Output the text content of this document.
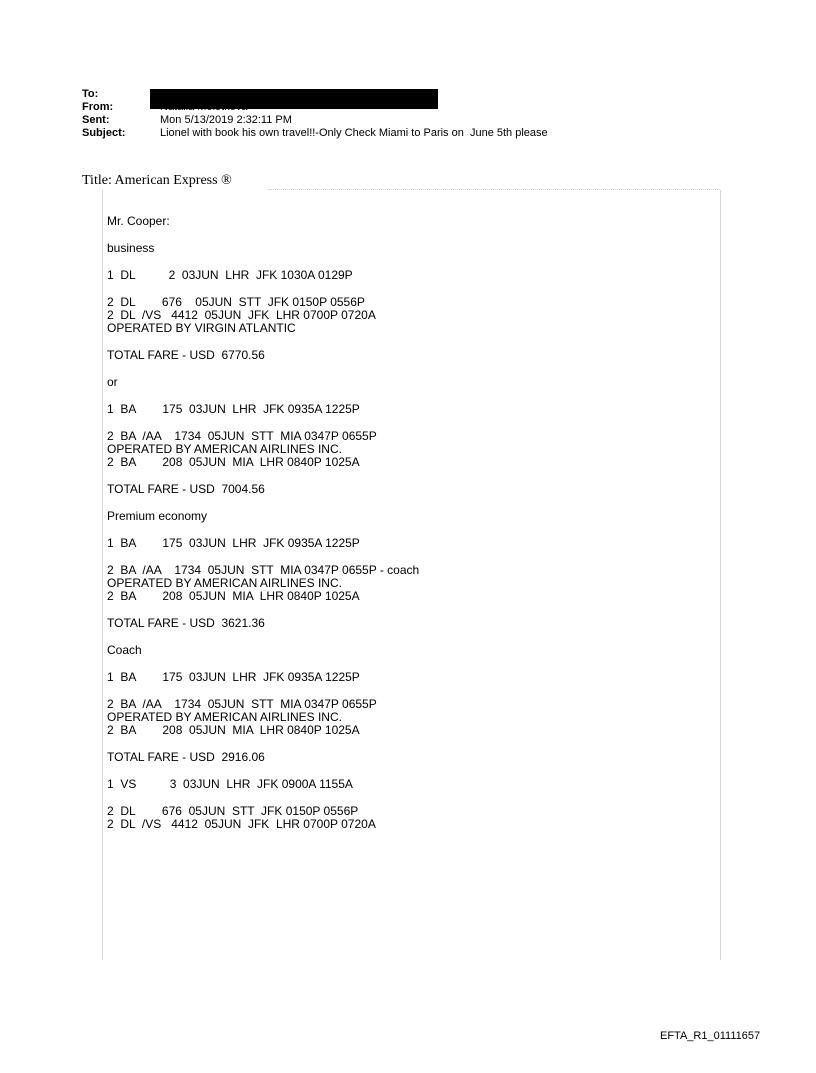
To:
From:
Sent:	Mon 5/13/2019 2:32:11 PM
Subject:	Lionel with book his own travel!!-Only Check Miami to Paris on  June 5th please
Title: American Express ®
Mr. Cooper:
business
1  DL          2  03JUN  LHR  JFK 1030A 0129P
2  DL        676    05JUN  STT  JFK 0150P 0556P
2  DL  /VS   4412  05JUN  JFK  LHR 0700P 0720A
OPERATED BY VIRGIN ATLANTIC
TOTAL FARE - USD  6770.56
or
1  BA        175  03JUN  LHR  JFK 0935A 1225P
2  BA  /AA    1734  05JUN  STT  MIA 0347P 0655P
OPERATED BY AMERICAN AIRLINES INC.
2  BA        208  05JUN  MIA  LHR 0840P 1025A
TOTAL FARE - USD  7004.56
Premium economy
1  BA        175  03JUN  LHR  JFK 0935A 1225P
2  BA  /AA    1734  05JUN  STT  MIA 0347P 0655P - coach
OPERATED BY AMERICAN AIRLINES INC.
2  BA        208  05JUN  MIA  LHR 0840P 1025A
TOTAL FARE - USD  3621.36
Coach
1  BA        175  03JUN  LHR  JFK 0935A 1225P
2  BA  /AA    1734  05JUN  STT  MIA 0347P 0655P
OPERATED BY AMERICAN AIRLINES INC.
2  BA        208  05JUN  MIA  LHR 0840P 1025A
TOTAL FARE - USD  2916.06
1  VS          3  03JUN  LHR  JFK 0900A 1155A
2  DL        676  05JUN  STT  JFK 0150P 0556P
2  DL  /VS   4412  05JUN  JFK  LHR 0700P 0720A
EFTA_R1_01111657
